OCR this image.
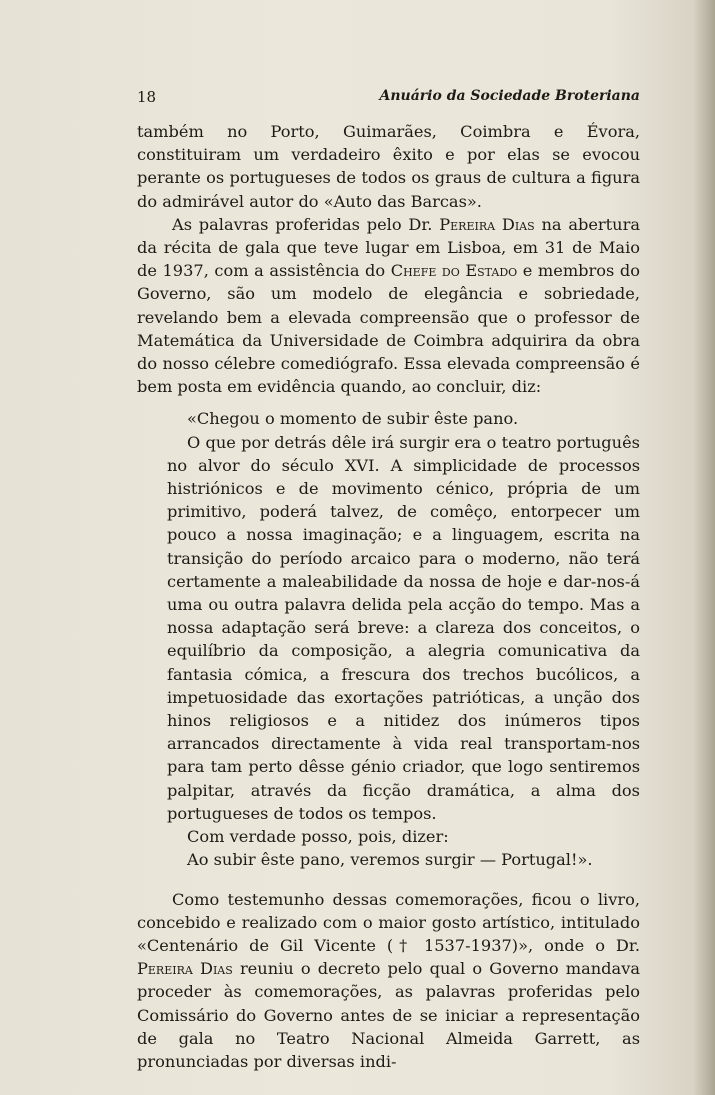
18	Anuário da Sociedade Broteriana

também no Porto, Guimarães, Coimbra e Évora, constituiram um verdadeiro êxito e por elas se evocou perante os portugueses de todos os graus de cultura a figura do admirável autor do «Auto das Barcas».

As palavras proferidas pelo Dr. Pereira Dias na abertura da récita de gala que teve lugar em Lisboa, em 31 de Maio de 1937, com a assistência do Chefe do Estado e membros do Governo, são um modelo de elegância e sobriedade, revelando bem a elevada compreensão que o professor de Matemática da Universidade de Coimbra adquirira da obra do nosso célebre comediógrafo. Essa elevada compreensão é bem posta em evidência quando, ao concluir, diz:

«Chegou o momento de subir êste pano.

O que por detrás dêle irá surgir era o teatro português no alvor do século XVI. A simplicidade de processos histriónicos e de movimento cénico, própria de um primitivo, poderá talvez, de comêço, entorpecer um pouco a nossa imaginação; e a linguagem, escrita na transição do período arcaico para o moderno, não terá certamente a maleabilidade da nossa de hoje e dar-nos-á uma ou outra palavra delida pela acção do tempo. Mas a nossa adaptação será breve: a clareza dos conceitos, o equilíbrio da composição, a alegria comunicativa da fantasia cómica, a frescura dos trechos bucólicos, a impetuosidade das exortações patrióticas, a unção dos hinos religiosos e a nitidez dos inúmeros tipos arrancados directamente à vida real transportam-nos para tam perto dêsse génio criador, que logo sentiremos palpitar, através da ficção dramática, a alma dos portugueses de todos os tempos.

Com verdade posso, pois, dizer:

Ao subir êste pano, veremos surgir — Portugal!».

Como testemunho dessas comemorações, ficou o livro, concebido e realizado com o maior gosto artístico, intitulado «Centenário de Gil Vicente († 1537-1937)», onde o Dr. Pereira Dias reuniu o decreto pelo qual o Governo mandava proceder às comemorações, as palavras proferidas pelo Comissário do Governo antes de se iniciar a representação de gala no Teatro Nacional Almeida Garrett, as pronunciadas por diversas indi-
